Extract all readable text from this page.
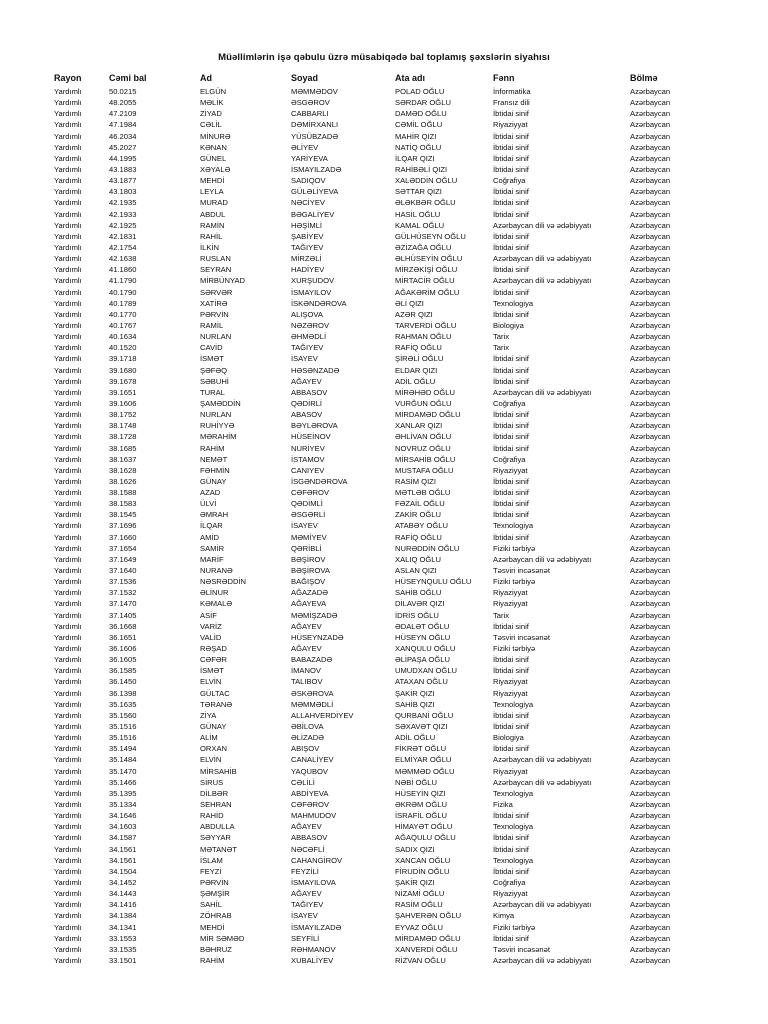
Müəllimlərin işə qəbulu üzrə müsabiqədə bal toplamış şəxslərin siyahısı
Rayon	Cəmi bal	Ad	Soyad	Ata adı	Fənn	Bölmə
Yardımlı	50.0215	ELGÜN	MƏMMƏDOV	POLAD OĞLU	İnformatika	Azərbaycan
Yardımlı	48.2055	MƏLİK	ƏSGƏROV	SƏRDAR OĞLU	Fransız dili	Azərbaycan
Yardımlı	47.2109	ZİYAD	CABBARLI	DAMƏD OĞLU	İbtidai sinif	Azərbaycan
Yardımlı	47.1984	CƏLİL	DƏMİRXANLI	CƏMİL OĞLU	Riyaziyyat	Azərbaycan
Yardımlı	46.2034	MİNURƏ	YÜSÜBZADƏ	MAHİR QIZI	İbtidai sinif	Azərbaycan
Yardımlı	45.2027	KƏNAN	ƏLİYEV	NATİQ OĞLU	İbtidai sinif	Azərbaycan
Yardımlı	44.1995	GÜNEL	YARİYEVA	İLQAR QIZI	İbtidai sinif	Azərbaycan
Yardımlı	43.1883	XƏYALƏ	İSMAYILZADƏ	RAHİBƏLİ QIZI	İbtidai sinif	Azərbaycan
Yardımlı	43.1877	MEHDİ	SADIQOV	XALƏDDİN OĞLU	Coğrafiya	Azərbaycan
Yardımlı	43.1803	LEYLA	GÜLƏLİYEVA	SƏTTAR QIZI	İbtidai sinif	Azərbaycan
Yardımlı	42.1935	MURAD	NƏCİYEV	ƏLƏKBƏR OĞLU	İbtidai sinif	Azərbaycan
Yardımlı	42.1933	ABDUL	BƏGALİYEV	HASİL OĞLU	İbtidai sinif	Azərbaycan
Yardımlı	42.1925	RAMİN	HƏŞİMLİ	KAMAL OĞLU	Azərbaycan dili və ədəbiyyatı	Azərbaycan
Yardımlı	42.1831	RAHİL	ŞABİYEV	GÜLHÜSEYN OĞLU	İbtidai sinif	Azərbaycan
Yardımlı	42.1754	İLKİN	TAĞIYEV	ƏZİZAĞA OĞLU	İbtidai sinif	Azərbaycan
Yardımlı	42.1638	RUSLAN	MİRZƏLİ	ƏLHÜSEYİN OĞLU	Azərbaycan dili və ədəbiyyatı	Azərbaycan
Yardımlı	41.1860	SEYRAN	HADİYEV	MİRZƏKİŞİ OĞLU	İbtidai sinif	Azərbaycan
Yardımlı	41.1790	MİRBÜNYAD	XURŞUDOV	MİRTACİR OĞLU	Azərbaycan dili və ədəbiyyatı	Azərbaycan
Yardımlı	40.1790	SƏRVƏR	İSMAYILOV	AĞAKƏRİM OĞLU	İbtidai sinif	Azərbaycan
Yardımlı	40.1789	XATİRƏ	İSKƏNDƏROVA	ƏLİ QIZI	Texnologiya	Azərbaycan
Yardımlı	40.1770	PƏRVİN	ALIŞOVA	AZƏR QIZI	İbtidai sinif	Azərbaycan
Yardımlı	40.1767	RAMİL	NƏZƏROV	TARVERDİ OĞLU	Biologiya	Azərbaycan
Yardımlı	40.1634	NURLAN	ƏHMƏDLİ	RAHMAN OĞLU	Tarix	Azərbaycan
Yardımlı	40.1520	CAVİD	TAĞIYEV	RAFİQ OĞLU	Tarix	Azərbaycan
Yardımlı	39.1718	İSMƏT	İSAYEV	ŞİRƏLİ OĞLU	İbtidai sinif	Azərbaycan
Yardımlı	39.1680	ŞƏFƏQ	HƏSƏNZADƏ	ELDAR QIZI	İbtidai sinif	Azərbaycan
Yardımlı	39.1678	SƏBUHİ	AĞAYEV	ADİL OĞLU	İbtidai sinif	Azərbaycan
Yardımlı	39.1651	TURAL	ABBASOV	MİRƏHƏD OĞLU	Azərbaycan dili və ədəbiyyatı	Azərbaycan
Yardımlı	39.1606	ŞAMƏDDİN	QƏDİRLİ	VURĞUN OĞLU	Coğrafiya	Azərbaycan
Yardımlı	38.1752	NURLAN	ABASOV	MİRDAMƏD OĞLU	İbtidai sinif	Azərbaycan
Yardımlı	38.1748	RUHİYYƏ	BƏYLƏROVA	XANLAR QIZI	İbtidai sinif	Azərbaycan
Yardımlı	38.1728	MƏRAHİM	HÜSEİNOV	ƏHLİVAN OĞLU	İbtidai sinif	Azərbaycan
Yardımlı	38.1685	RAHİM	NURİYEV	NOVRUZ OĞLU	İbtidai sinif	Azərbaycan
Yardımlı	38.1637	NEMƏT	İSTAMOV	MİRSAHİB OĞLU	Coğrafiya	Azərbaycan
Yardımlı	38.1628	FƏHMİN	CANIYEV	MUSTAFA OĞLU	Riyaziyyat	Azərbaycan
Yardımlı	38.1626	GÜNAY	İSGƏNDƏROVA	RASİM QIZI	İbtidai sinif	Azərbaycan
Yardımlı	38.1588	AZAD	CƏFƏROV	MƏTLƏB OĞLU	İbtidai sinif	Azərbaycan
Yardımlı	38.1583	ÜLVİ	QƏDİMLİ	FƏZAİL OĞLU	İbtidai sinif	Azərbaycan
Yardımlı	38.1545	ƏMRAH	ƏSGƏRLİ	ZAKİR OĞLU	İbtidai sinif	Azərbaycan
Yardımlı	37.1696	İLQAR	İSAYEV	ATABƏY OĞLU	Texnologiya	Azərbaycan
Yardımlı	37.1660	AMİD	MƏMİYEV	RAFİQ OĞLU	İbtidai sinif	Azərbaycan
Yardımlı	37.1654	SAMİR	QƏRİBLİ	NURƏDDİN OĞLU	Fiziki tərbiyə	Azərbaycan
Yardımlı	37.1649	MARİF	BƏŞİROV	XALIQ OĞLU	Azərbaycan dili və ədəbiyyatı	Azərbaycan
Yardımlı	37.1640	NURANƏ	BƏŞİROVA	ASLAN QIZI	Təsviri incəsənət	Azərbaycan
Yardımlı	37.1536	NƏSRƏDDİN	BAĞIŞOV	HÜSEYNQULU OĞLU	Fiziki tərbiyə	Azərbaycan
Yardımlı	37.1532	ƏLİNUR	AĞAZADƏ	SAHİB OĞLU	Riyaziyyat	Azərbaycan
Yardımlı	37.1470	KƏMALƏ	AĞAYEVA	DİLAVƏR QIZI	Riyaziyyat	Azərbaycan
Yardımlı	37.1405	ASİF	MƏMİŞZADƏ	İDRİS OĞLU	Tarix	Azərbaycan
Yardımlı	36.1668	VARİZ	AĞAYEV	ƏDALƏT OĞLU	İbtidai sinif	Azərbaycan
Yardımlı	36.1651	VALİD	HÜSEYNZADƏ	HÜSEYN OĞLU	Təsviri incəsənət	Azərbaycan
Yardımlı	36.1606	RƏŞAD	AĞAYEV	XANQULU OĞLU	Fiziki tərbiyə	Azərbaycan
Yardımlı	36.1605	CƏFƏR	BABAZADƏ	ƏLİPAŞA OĞLU	İbtidai sinif	Azərbaycan
Yardımlı	36.1585	İSMƏT	İMANOV	UMUDXAN OĞLU	İbtidai sinif	Azərbaycan
Yardımlı	36.1450	ELVİN	TALIBOV	ATAXAN OĞLU	Riyaziyyat	Azərbaycan
Yardımlı	36.1398	GÜLTAC	ƏSKƏROVA	ŞAKİR QIZI	Riyaziyyat	Azərbaycan
Yardımlı	35.1635	TƏRANƏ	MƏMMƏDLİ	SAHİB QIZI	Texnologiya	Azərbaycan
Yardımlı	35.1560	ZİYA	ALLAHVERDİYEV	QURBANİ OĞLU	İbtidai sinif	Azərbaycan
Yardımlı	35.1516	GÜNAY	ƏBİLOVA	SƏXAVƏT QIZI	İbtidai sinif	Azərbaycan
Yardımlı	35.1516	ALİM	ƏLİZADƏ	ADİL OĞLU	Biologiya	Azərbaycan
Yardımlı	35.1494	ORXAN	ABIŞOV	FİKRƏT OĞLU	İbtidai sinif	Azərbaycan
Yardımlı	35.1484	ELVİN	CANALİYEV	ELMİYAR OĞLU	Azərbaycan dili və ədəbiyyatı	Azərbaycan
Yardımlı	35.1470	MİRSAHİB	YAQUBOV	MƏMMƏD OĞLU	Riyaziyyat	Azərbaycan
Yardımlı	35.1466	SİRUS	CƏLİLİ	NƏBİ OĞLU	Azərbaycan dili və ədəbiyyatı	Azərbaycan
Yardımlı	35.1395	DİLBƏR	ABDİYEVA	HÜSEYİN QIZI	Texnologiya	Azərbaycan
Yardımlı	35.1334	SEHRAN	CƏFƏROV	ƏKRƏM OĞLU	Fizika	Azərbaycan
Yardımlı	34.1646	RAHİD	MAHMUDOV	İSRAFİL OĞLU	İbtidai sinif	Azərbaycan
Yardımlı	34.1603	ABDULLA	AĞAYEV	HİMAYƏT OĞLU	Texnologiya	Azərbaycan
Yardımlı	34.1587	SƏYYAR	ABBASOV	AĞAQULU OĞLU	İbtidai sinif	Azərbaycan
Yardımlı	34.1561	MƏTANƏT	NƏCƏFLİ	SADIX QIZI	İbtidai sinif	Azərbaycan
Yardımlı	34.1561	İSLAM	CAHANGİROV	XANCAN OĞLU	Texnologiya	Azərbaycan
Yardımlı	34.1504	FEYZİ	FEYZİLİ	FİRUDİN OĞLU	İbtidai sinif	Azərbaycan
Yardımlı	34.1452	PƏRVİN	İSMAYILOVA	ŞAKİR QIZI	Coğrafiya	Azərbaycan
Yardımlı	34.1443	ŞƏMŞİR	AĞAYEV	NİZAMİ OĞLU	Riyaziyyat	Azərbaycan
Yardımlı	34.1416	SAHİL	TAĞIYEV	RASİM OĞLU	Azərbaycan dili və ədəbiyyatı	Azərbaycan
Yardımlı	34.1384	ZÖHRAB	İSAYEV	ŞAHVERƏN OĞLU	Kimya	Azərbaycan
Yardımlı	34.1341	MEHDİ	İSMAYILZADƏ	EYVAZ OĞLU	Fiziki tərbiyə	Azərbaycan
Yardımlı	33.1553	MİR SƏMƏD	SEYFİLİ	MİRDAMƏD OĞLU	İbtidai sinif	Azərbaycan
Yardımlı	33.1535	BƏHRUZ	RƏHMANOV	XANVERDİ OĞLU	Təsviri incəsənət	Azərbaycan
Yardımlı	33.1501	RAHİM	XUBALİYEV	RİZVAN OĞLU	Azərbaycan dili və ədəbiyyatı	Azərbaycan
